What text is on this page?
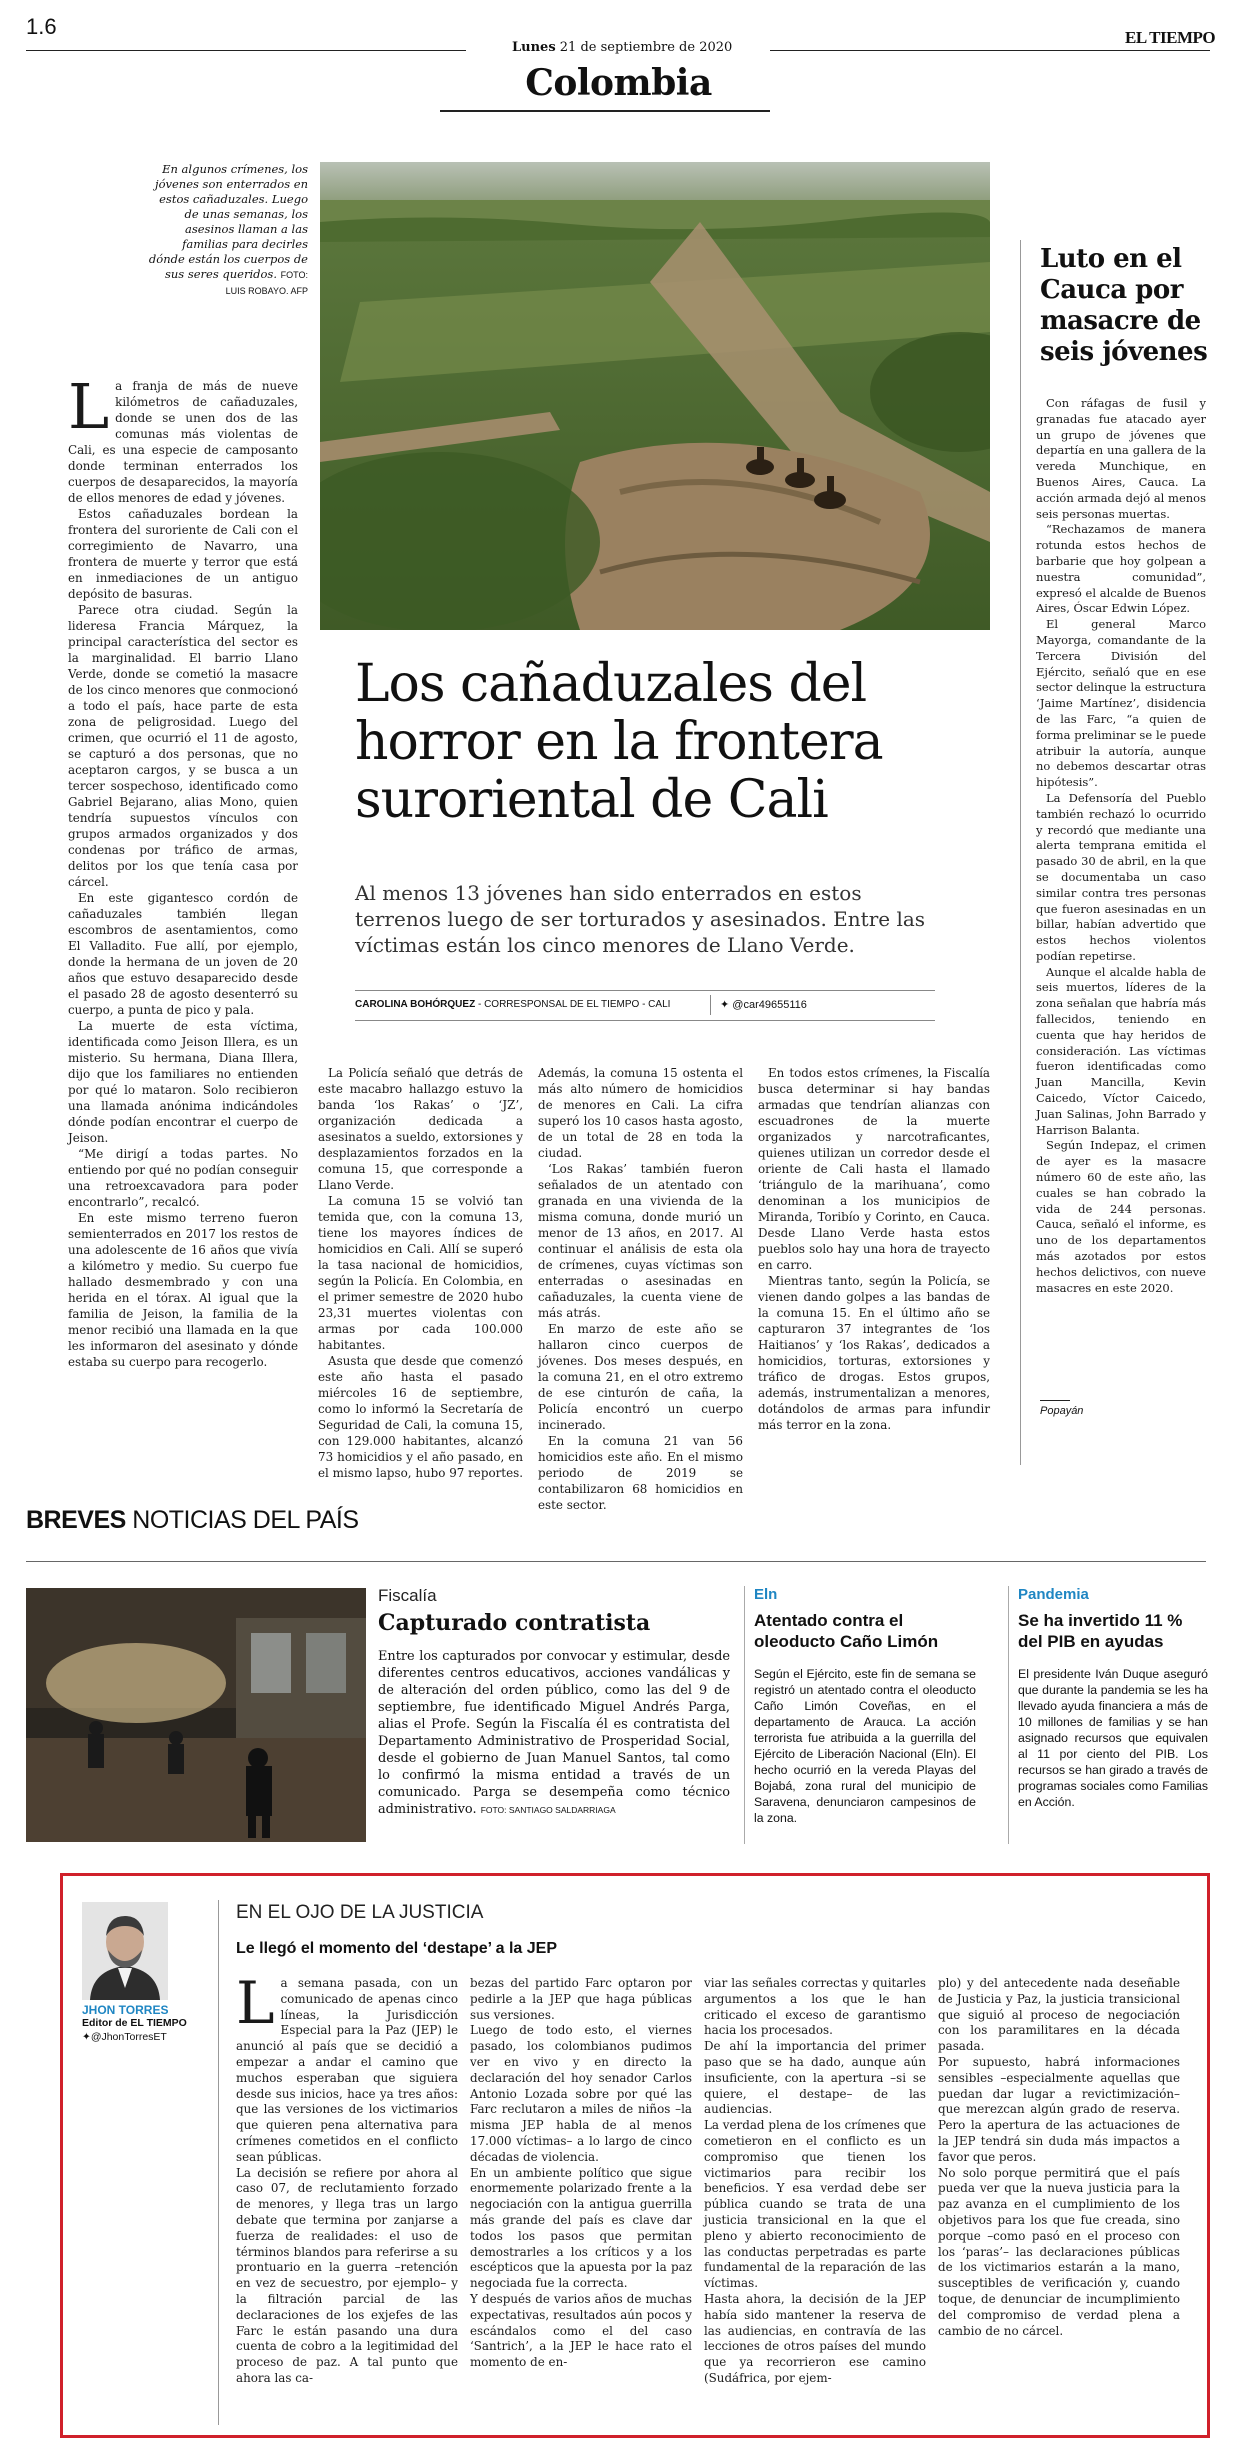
1.6
Lunes 21 de septiembre de 2020
EL TIEMPO
Colombia
En algunos crímenes, los jóvenes son enterrados en estos cañaduzales. Luego de unas semanas, los asesinos llaman a las familias para decirles dónde están los cuerpos de sus seres queridos. FOTO: LUIS ROBAYO. AFP
Los cañaduzales del horror en la frontera suroriental de Cali
Al menos 13 jóvenes han sido enterrados en estos terrenos luego de ser torturados y asesinados. Entre las víctimas están los cinco menores de Llano Verde.
CAROLINA BOHÓRQUEZ - CORRESPONSAL DE EL TIEMPO - CALI	✦ @car49655116
L a franja de más de nueve kilómetros de cañaduzales, donde se unen dos de las comunas más violentas de Cali, es una especie de camposanto donde terminan enterrados los cuerpos de desaparecidos, la mayoría de ellos menores de edad y jóvenes.

Estos cañaduzales bordean la frontera del suroriente de Cali con el corregimiento de Navarro, una frontera de muerte y terror que está en inmediaciones de un antiguo depósito de basuras.

Parece otra ciudad. Según la lideresa Francia Márquez, la principal característica del sector es la marginalidad. El barrio Llano Verde, donde se cometió la masacre de los cinco menores que conmocionó a todo el país, hace parte de esta zona de peligrosidad. Luego del crimen, que ocurrió el 11 de agosto, se capturó a dos personas, que no aceptaron cargos, y se busca a un tercer sospechoso, identificado como Gabriel Bejarano, alias Mono, quien tendría supuestos vínculos con grupos armados organizados y dos condenas por tráfico de armas, delitos por los que tenía casa por cárcel.

En este gigantesco cordón de cañaduzales también llegan escombros de asentamientos, como El Valladito. Fue allí, por ejemplo, donde la hermana de un joven de 20 años que estuvo desaparecido desde el pasado 28 de agosto desenterró su cuerpo, a punta de pico y pala.

La muerte de esta víctima, identificada como Jeison Illera, es un misterio. Su hermana, Diana Illera, dijo que los familiares no entienden por qué lo mataron. Solo recibieron una llamada anónima indicándoles dónde podían encontrar el cuerpo de Jeison.

“Me dirigí a todas partes. No entiendo por qué no podían conseguir una retroexcavadora para poder encontrarlo”, recalcó.

En este mismo terreno fueron semienterrados en 2017 los restos de una adolescente de 16 años que vivía a kilómetro y medio. Su cuerpo fue hallado desmembrado y con una herida en el tórax. Al igual que la familia de Jeison, la familia de la menor recibió una llamada en la que les informaron del asesinato y dónde estaba su cuerpo para recogerlo.

La Policía señaló que detrás de este macabro hallazgo estuvo la banda ‘los Rakas’ o ‘JZ’, organización dedicada a asesinatos a sueldo, extorsiones y desplazamientos forzados en la comuna 15, que corresponde a Llano Verde.

La comuna 15 se volvió tan temida que, con la comuna 13, tiene los mayores índices de homicidios en Cali. Allí se superó la tasa nacional de homicidios, según la Policía. En Colombia, en el primer semestre de 2020 hubo 23,31 muertes violentas con armas por cada 100.000 habitantes.

Asusta que desde que comenzó este año hasta el pasado miércoles 16 de septiembre, como lo informó la Secretaría de Seguridad de Cali, la comuna 15, con 129.000 habitantes, alcanzó 73 homicidios y el año pasado, en el mismo lapso, hubo 97 reportes.

Además, la comuna 15 ostenta el más alto número de homicidios de menores en Cali. La cifra superó los 10 casos hasta agosto, de un total de 28 en toda la ciudad.

‘Los Rakas’ también fueron señalados de un atentado con granada en una vivienda de la misma comuna, donde murió un menor de 13 años, en 2017. Al continuar el análisis de esta ola de crímenes, cuyas víctimas son enterradas o asesinadas en cañaduzales, la cuenta viene de más atrás.

En marzo de este año se hallaron cinco cuerpos de jóvenes. Dos meses después, en la comuna 21, en el otro extremo de ese cinturón de caña, la Policía encontró un cuerpo incinerado.

En la comuna 21 van 56 homicidios este año. En el mismo periodo de 2019 se contabilizaron 68 homicidios en este sector.

En todos estos crímenes, la Fiscalía busca determinar si hay bandas armadas que tendrían alianzas con escuadrones de la muerte organizados y narcotraficantes, quienes utilizan un corredor desde el oriente de Cali hasta el llamado ‘triángulo de la marihuana’, como denominan a los municipios de Miranda, Toribío y Corinto, en Cauca. Desde Llano Verde hasta estos pueblos solo hay una hora de trayecto en carro.

Mientras tanto, según la Policía, se vienen dando golpes a las bandas de la comuna 15. En el último año se capturaron 37 integrantes de ‘los Haitianos’ y ‘los Rakas’, dedicados a homicidios, torturas, extorsiones y tráfico de drogas. Estos grupos, además, instrumentalizan a menores, dotándolos de armas para infundir más terror en la zona.

Luto en el Cauca por masacre de seis jóvenes

Con ráfagas de fusil y granadas fue atacado ayer un grupo de jóvenes que departía en una gallera de la vereda Munchique, en Buenos Aires, Cauca. La acción armada dejó al menos seis personas muertas.

“Rechazamos de manera rotunda estos hechos de barbarie que hoy golpean a nuestra comunidad”, expresó el alcalde de Buenos Aires, Óscar Edwin López.

El general Marco Mayorga, comandante de la Tercera División del Ejército, señaló que en ese sector delinque la estructura ‘Jaime Martínez’, disidencia de las Farc, “a quien de forma preliminar se le puede atribuir la autoría, aunque no debemos descartar otras hipótesis”.

La Defensoría del Pueblo también rechazó lo ocurrido y recordó que mediante una alerta temprana emitida el pasado 30 de abril, en la que se documentaba un caso similar contra tres personas que fueron asesinadas en un billar, habían advertido que estos hechos violentos podían repetirse.

Aunque el alcalde habla de seis muertos, líderes de la zona señalan que habría más fallecidos, teniendo en cuenta que hay heridos de consideración. Las víctimas fueron identificadas como Juan Mancilla, Kevin Caicedo, Víctor Caicedo, Juan Salinas, John Barrado y Harrison Balanta.

Según Indepaz, el crimen de ayer es la masacre número 60 de este año, las cuales se han cobrado la vida de 244 personas. Cauca, señaló el informe, es uno de los departamentos más azotados por estos hechos delictivos, con nueve masacres en este 2020.

Popayán
BREVES NOTICIAS DEL PAÍS
Fiscalía
Capturado contratista
Entre los capturados por convocar y estimular, desde diferentes centros educativos, acciones vandálicas y de alteración del orden público, como las del 9 de septiembre, fue identificado Miguel Andrés Parga, alias el Profe. Según la Fiscalía él es contratista del Departamento Administrativo de Prosperidad Social, desde el gobierno de Juan Manuel Santos, tal como lo confirmó la misma entidad a través de un comunicado. Parga se desempeña como técnico administrativo. FOTO: SANTIAGO SALDARRIAGA
Eln
Atentado contra el oleoducto Caño Limón
Según el Ejército, este fin de semana se registró un atentado contra el oleoducto Caño Limón Coveñas, en el departamento de Arauca. La acción terrorista fue atribuida a la guerrilla del Ejército de Liberación Nacional (Eln). El hecho ocurrió en la vereda Playas del Bojabá, zona rural del municipio de Saravena, denunciaron campesinos de la zona.
Pandemia
Se ha invertido 11 % del PIB en ayudas
El presidente Iván Duque aseguró que durante la pandemia se les ha llevado ayuda financiera a más de 10 millones de familias y se han asignado recursos que equivalen al 11 por ciento del PIB. Los recursos se han girado a través de programas sociales como Familias en Acción.
JHON TORRES
Editor de EL TIEMPO
✦@JhonTorresET
EN EL OJO DE LA JUSTICIA
Le llegó el momento del ‘destape’ a la JEP
L a semana pasada, con un comunicado de apenas cinco líneas, la Jurisdicción Especial para la Paz (JEP) le anunció al país que se decidió a empezar a andar el camino que muchos esperaban que siguiera desde sus inicios, hace ya tres años: que las versiones de los victimarios que quieren pena alternativa para crímenes cometidos en el conflicto sean públicas.

La decisión se refiere por ahora al caso 07, de reclutamiento forzado de menores, y llega tras un largo debate que termina por zanjarse a fuerza de realidades: el uso de términos blandos para referirse a su prontuario en la guerra –retención en vez de secuestro, por ejemplo– y la filtración parcial de las declaraciones de los exjefes de las Farc le están pasando una dura cuenta de cobro a la legitimidad del proceso de paz. A tal punto que ahora las ca-

bezas del partido Farc optaron por pedirle a la JEP que haga públicas sus versiones.

Luego de todo esto, el viernes pasado, los colombianos pudimos ver en vivo y en directo la declaración del hoy senador Carlos Antonio Lozada sobre por qué las Farc reclutaron a miles de niños –la misma JEP habla de al menos 17.000 víctimas– a lo largo de cinco décadas de violencia.

En un ambiente político que sigue enormemente polarizado frente a la negociación con la antigua guerrilla más grande del país es clave dar todos los pasos que permitan demostrarles a los críticos y a los escépticos que la apuesta por la paz negociada fue la correcta.

Y después de varios años de muchas expectativas, resultados aún pocos y escándalos como el del caso ‘Santrich’, a la JEP le hace rato el momento de en-

viar las señales correctas y quitarles argumentos a los que le han criticado el exceso de garantismo hacia los procesados.

De ahí la importancia del primer paso que se ha dado, aunque aún insuficiente, con la apertura –si se quiere, el destape– de las audiencias.

La verdad plena de los crímenes que cometieron en el conflicto es un compromiso que tienen los victimarios para recibir los beneficios. Y esa verdad debe ser pública cuando se trata de una justicia transicional en la que el pleno y abierto reconocimiento de las conductas perpetradas es parte fundamental de la reparación de las víctimas.

Hasta ahora, la decisión de la JEP había sido mantener la reserva de las audiencias, en contravía de las lecciones de otros países del mundo que ya recorrieron ese camino (Sudáfrica, por ejem-

plo) y del antecedente nada deseñable de Justicia y Paz, la justicia transicional que siguió al proceso de negociación con los paramilitares en la década pasada.

Por supuesto, habrá informaciones sensibles –especialmente aquellas que puedan dar lugar a revictimización– que merezcan algún grado de reserva. Pero la apertura de las actuaciones de la JEP tendrá sin duda más impactos a favor que peros.

No solo porque permitirá que el país pueda ver que la nueva justicia para la paz avanza en el cumplimiento de los objetivos para los que fue creada, sino porque –como pasó en el proceso con los ‘paras’– las declaraciones públicas de los victimarios estarán a la mano, susceptibles de verificación y, cuando toque, de denunciar de incumplimiento del compromiso de verdad plena a cambio de no cárcel.
